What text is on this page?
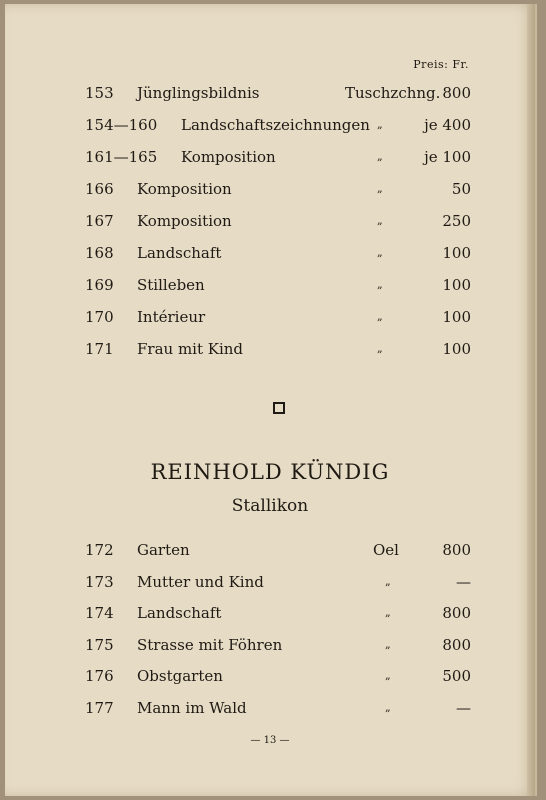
Preis: Fr.
153 Jünglingsbildnis	Tuschzchng. 800
154—160 Landschaftszeichnungen „	je 400
161—165 Komposition	„	je 100
166 Komposition	„	50
167 Komposition	„	250
168 Landschaft	„	100
169 Stilleben	„	100
170 Intérieur	„	100
171 Frau mit Kind	„	100
REINHOLD KÜNDIG
Stallikon
172 Garten	Oel	800
173 Mutter und Kind	„	—
174 Landschaft	„	800
175 Strasse mit Föhren	„	800
176 Obstgarten	„	500
177 Mann im Wald	„	—
— 13 —
